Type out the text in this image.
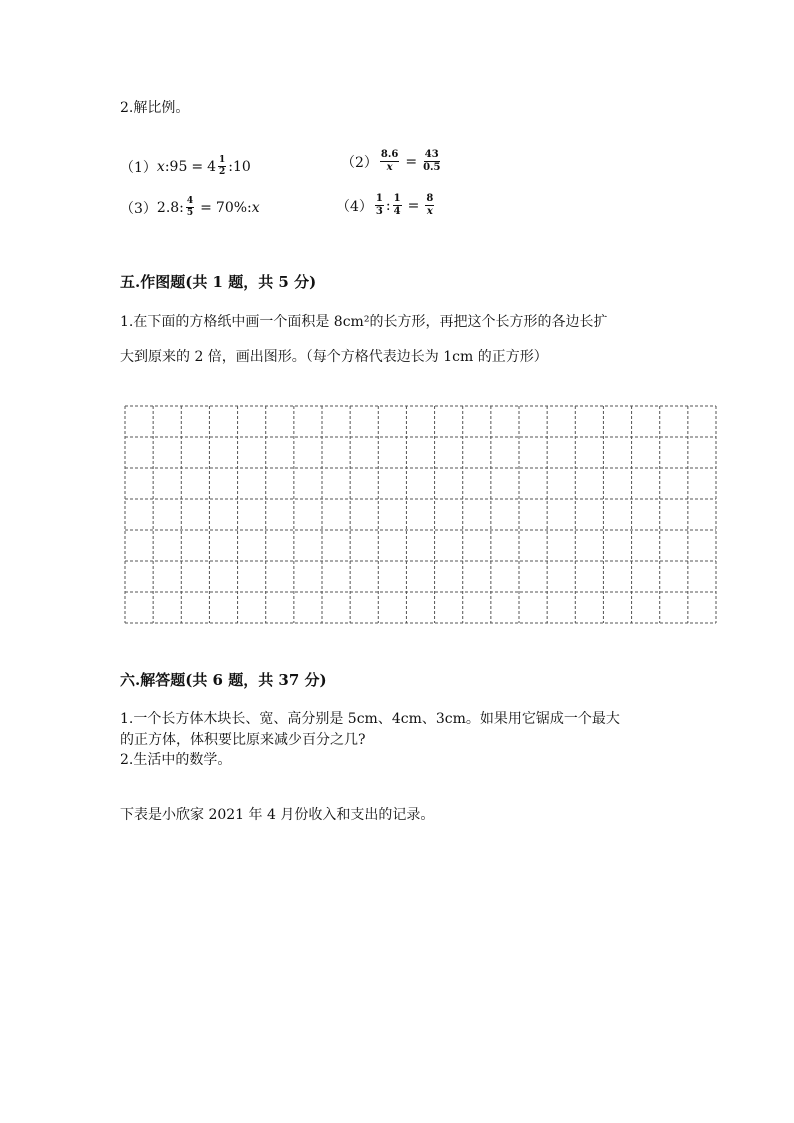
2.解比例。
（1） x : $95 = 4 \frac{1}{2}$ : 10	$(2) \frac{8.6}{x} = \frac{43}{0.5}$
（3） 2.8: $\frac{4}{5} = 70\%$: x	$(4) \frac{1}{3}$ : $\frac{1}{4} = \frac{8}{x}$
五.作图题(共 1 题，共 5 分)
1.在下面的方格纸中画一个面积是 8cm²的长方形，再把这个长方形的各边长扩
大到原来的 2 倍，画出图形。（每个方格代表边长为 1cm 的正方形）
六.解答题(共 6 题，共 37 分)
1.一个长方体木块长、宽、高分别是 5cm、4cm、3cm。如果用它锯成一个最大
的正方体，体积要比原来减少百分之几?
2.生活中的数学。
下表是小欣家 2021 年 4 月份收入和支出的记录。
